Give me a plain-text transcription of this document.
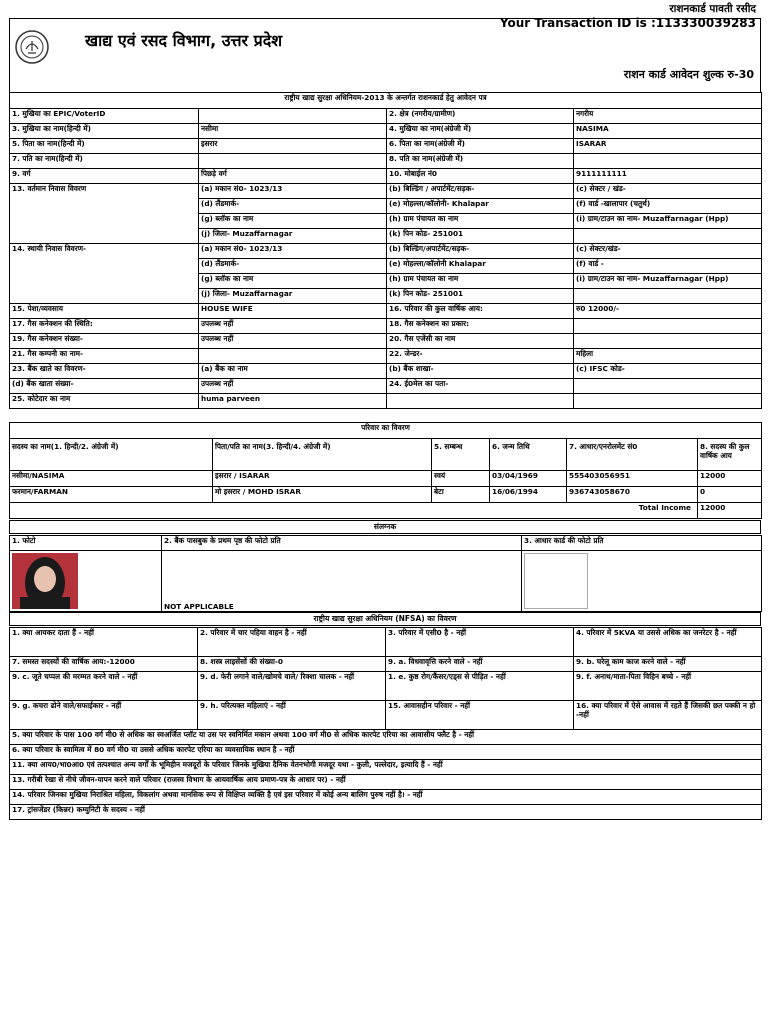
राशनकार्ड पावती रसीद
Your Transaction ID is :113330039283
खाद्य एवं रसद विभाग, उत्तर प्रदेश
राशन कार्ड आवेदन शुल्क रु-30
राष्ट्रीय खाद्य सुरक्षा अधिनियम-2013 के अन्तर्गत राशनकार्ड हेतु आवेदन पत्र			
1. मुखिया का EPIC/VoterID		2. क्षेत्र (नगरीय/ग्रामीण)	नगरीय
3. मुखिया का नाम(हिन्दी में)	नसीमा	4. मुखिया का नाम(अंग्रेजी में)	NASIMA
5. पिता का नाम(हिन्दी में)	इसरार	6. पिता का नाम(अंग्रेजी में)	ISARAR
7. पति का नाम(हिन्दी में)		8. पति का नाम(अंग्रेजी में)	
9. वर्ग	पिछड़े वर्ग	10. मोबाईल नं0	9111111111
13. वर्तमान निवास विवरण	(a) मकान सं0- 1023/13	(b) बिल्डिंग / अपार्टमेंट/सड़क-	(c) सेक्टर / खंड-
	(d) लैंडमार्क-	(e) मोहल्ला/कॉलोनी- Khalapar	(f) वार्ड -खालापार (चतुर्थ)
	(g) ब्लॉक का नाम	(h) ग्राम पंचायत का नाम	(i) ग्राम/टाउन का नाम- Muzaffarnagar (Hpp)
	(j) जिला- Muzaffarnagar	(k) पिन कोड- 251001	
14. स्थायी निवास विवरण-	(a) मकान सं0- 1023/13	(b) बिल्डिंग/अपार्टमेंट/सड़क-	(c) सेक्टर/खंड-
	(d) लैंडमार्क-	(e) मोहल्ला/कॉलोनी Khalapar	(f) वार्ड -
	(g) ब्लॉक का नाम	(h) ग्राम पंचायत का नाम	(i) ग्राम/टाउन का नाम- Muzaffarnagar (Hpp)
	(j) जिला- Muzaffarnagar	(k) पिन कोड- 251001	
15. पेशा/व्यवसाय	HOUSE WIFE	16. परिवार की कुल वार्षिक आय:	रु0 12000/-
17. गैस कनेक्शन की स्थिति:	उपलब्ध नहीं	18. गैस कनेक्शन का प्रकार:	
19. गैस कनेक्शन संख्या-	उपलब्ध नहीं	20. गैस एजेंसी का नाम	
21. गैस कम्पनी का नाम-		22. जेन्डर-	महिला
23. बैंक खाते का विवरण-	(a) बैंक का नाम	(b) बैंक शाखा-	(c) IFSC कोड-
(d) बैंक खाता संख्या-	उपलब्ध नहीं	24. ई0मेल का पता-	
25. कोटेदार का नाम	huma parveen		
परिवार का विवरण					
सदस्य का नाम(1. हिन्दी/2. अंग्रेजी में)	पिता/पति का नाम(3. हिन्दी/4. अंग्रेजी में)	5. सम्बन्ध	6. जन्म तिथि	7. आधार/एनरोलमेंट सं0	8. सदस्य की कुल वार्षिक आय
नसीमा/NASIMA	इसरार / ISARAR	स्वयं	03/04/1969	555403056951	12000
फरमान/FARMAN	मो इसरार / MOHD ISRAR	बेटा	16/06/1994	936743058670	0
Total Income					12000
संलग्नक
1. फोटो	2. बैंक पासबुक के प्रथम पृष्ठ की फोटो प्रति	3. आधार कार्ड की फोटो प्रति
	NOT APPLICABLE	
राष्ट्रीय खाद्य सुरक्षा अधिनियम (NFSA) का विवरण
1. क्या आयकर दाता हैं - नहीं	2. परिवार में चार पहिया वाहन है - नहीं	3. परिवार में एसी0 है - नहीं	4. परिवार में 5KVA या उससे अधिक का जनरेटर है - नहीं
7. समस्त सदस्यों की वार्षिक आय:-12000	8. शस्त्र लाइसेंसों की संख्या-0	9. a. विधवावृत्ति करने वाले - नहीं	9. b. घरेलू काम काज करने वाले - नहीं
9. c. जूते चप्पल की मरम्मत करने वाले - नहीं	9. d. फेरी लगाने वाले/खोमचे वाले/ रिक्शा चालक - नहीं	1. e. कुष्ठ रोग/कैंसर/एड्स से पीड़ित - नहीं	9. f. अनाथ/माता-पिता विहिन बच्चे - नहीं
9. g. कचरा ढोने वाले/सफाईकार - नहीं	9. h. परित्यक्त महिलाएं - नहीं	15. आवासहीन परिवार - नहीं	16. क्या परिवार में ऐसे आवास में रहते हैं जिसकी छत पक्की न हो -नहीं
5. क्या परिवार के पास 100 वर्ग मी0 से अधिक का स्वअर्जित प्लॉट या उस पर स्वनिर्मित मकान अथवा 100 वर्ग मी0 से अधिक कारपेट एरिया का आवासीय फ्लैट है - नहीं			
6. क्या परिवार के स्वामित्व में 80 वर्ग मी0 या उससे अधिक कारपेट एरिया का व्यवसायिक स्थान है - नहीं			
11. क्या आय0/भा0आ0 एवं तत्‍पश्चात अन्य वर्गों के भूमिहीन मजदूरों के परिवार जिनके मुखिया दैनिक वेतनभोगी मजदूर यथा - कुली, पल्लेदार, इत्यादि हैं - नहीं			
13. गरीबी रेखा से नीचे जीवन-यापन करने वाले परिवार (राजस्व विभाग के आयवार्षिक आय प्रमाण-पत्र के आधार पर) - नहीं			
14. परिवार जिनका मुखिया निराश्रित महिला, विकलांग अथवा मानसिक रूप से विक्षिप्त व्यक्ति है एवं इस परिवार में कोई अन्य बालिग पुरुष नहीं है। - नहीं			
17. ट्रांसजेंडर (किन्नर) कम्युनिटी के सदस्य - नहीं			
